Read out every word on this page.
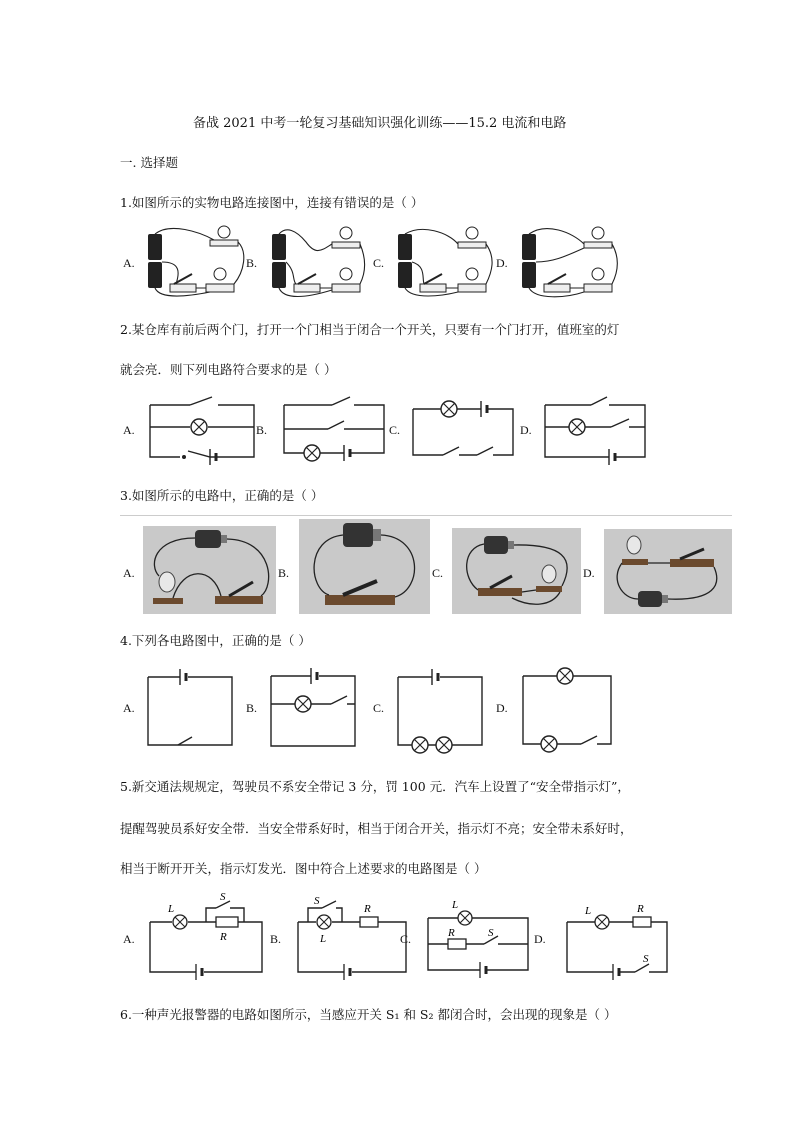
备战 2021 中考一轮复习基础知识强化训练——15.2 电流和电路
一. 选择题
1.如图所示的实物电路连接图中，连接有错误的是（ ）
A.	B.	C.	D.
2.某仓库有前后两个门，打开一个门相当于闭合一个开关，只要有一个门打开，值班室的灯
就会亮．则下列电路符合要求的是（ ）
A.	B.	C.	D.
3.如图所示的电路中，正确的是（ ）
A.	B.	C.	D.
4.下列各电路图中，正确的是（ ）
A.	B.	C.	D.
5.新交通法规规定，驾驶员不系安全带记 3 分，罚 100 元．汽车上设置了“安全带指示灯”，
提醒驾驶员系好安全带．当安全带系好时，相当于闭合开关，指示灯不亮；安全带未系好时，
相当于断开开关，指示灯发光．图中符合上述要求的电路图是（ ）
A.	B.	C.	D.
L
R
S
L
S
R	L
R	S
L	R
S
6.一种声光报警器的电路如图所示，当感应开关 S₁ 和 S₂ 都闭合时，会出现的现象是（ ）
